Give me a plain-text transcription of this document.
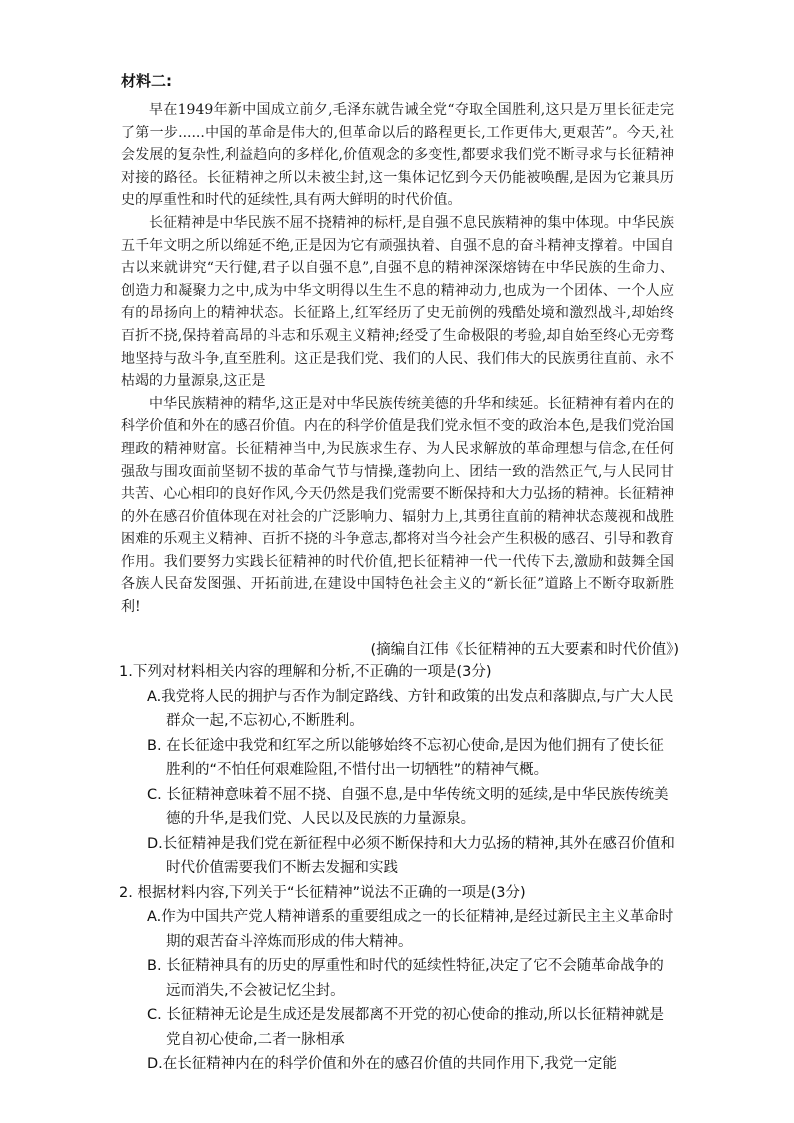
材料二:

早在1949年新中国成立前夕,毛泽东就告诫全党“夺取全国胜利,这只是万里长征走完了第一步......中国的革命是伟大的,但革命以后的路程更长,工作更伟大,更艰苦”。今天,社会发展的复杂性,利益趋向的多样化,价值观念的多变性,都要求我们党不断寻求与长征精神对接的路径。长征精神之所以未被尘封,这一集体记忆到今天仍能被唤醒,是因为它兼具历史的厚重性和时代的延续性,具有两大鲜明的时代价值。

长征精神是中华民族不屈不挠精神的标杆,是自强不息民族精神的集中体现。中华民族五千年文明之所以绵延不绝,正是因为它有顽强执着、自强不息的奋斗精神支撑着。中国自古以来就讲究“天行健,君子以自强不息”,自强不息的精神深深熔铸在中华民族的生命力、创造力和凝聚力之中,成为中华文明得以生生不息的精神动力,也成为一个团体、一个人应有的昂扬向上的精神状态。长征路上,红军经历了史无前例的残酷处境和激烈战斗,却始终百折不挠,保持着高昂的斗志和乐观主义精神;经受了生命极限的考验,却自始至终心无旁骛地坚持与敌斗争,直至胜利。这正是我们党、我们的人民、我们伟大的民族勇往直前、永不枯竭的力量源泉,这正是

中华民族精神的精华,这正是对中华民族传统美德的升华和续延。长征精神有着内在的科学价值和外在的感召价值。内在的科学价值是我们党永恒不变的政治本色,是我们党治国理政的精神财富。长征精神当中,为民族求生存、为人民求解放的革命理想与信念,在任何强敌与围攻面前坚韧不拔的革命气节与情操,蓬勃向上、团结一致的浩然正气,与人民同甘共苦、心心相印的良好作风,今天仍然是我们党需要不断保持和大力弘扬的精神。长征精神的外在感召价值体现在对社会的广泛影响力、辐射力上,其勇往直前的精神状态蔑视和战胜困难的乐观主义精神、百折不挠的斗争意志,都将对当今社会产生积极的感召、引导和教育作用。我们要努力实践长征精神的时代价值,把长征精神一代一代传下去,激励和鼓舞全国各族人民奋发图强、开拓前进,在建设中国特色社会主义的“新长征”道路上不断夺取新胜利!

(摘编自江伟《长征精神的五大要素和时代价值》)

1.下列对材料相关内容的理解和分析,不正确的一项是(3分)

A.我党将人民的拥护与否作为制定路线、方针和政策的出发点和落脚点,与广大人民群众一起,不忘初心,不断胜利。

B. 在长征途中我党和红军之所以能够始终不忘初心使命,是因为他们拥有了使长征胜利的“不怕任何艰难险阻,不惜付出一切牺牲”的精神气概。

C. 长征精神意味着不屈不挠、自强不息,是中华传统文明的延续,是中华民族传统美德的升华,是我们党、人民以及民族的力量源泉。

D.长征精神是我们党在新征程中必须不断保持和大力弘扬的精神,其外在感召价值和时代价值需要我们不断去发掘和实践

2. 根据材料内容,下列关于“长征精神”说法不正确的一项是(3分)

A.作为中国共产党人精神谱系的重要组成之一的长征精神,是经过新民主主义革命时期的艰苦奋斗淬炼而形成的伟大精神。

B. 长征精神具有的历史的厚重性和时代的延续性特征,决定了它不会随革命战争的远而消失,不会被记忆尘封。

C. 长征精神无论是生成还是发展都离不开党的初心使命的推动,所以长征精神就是党自初心使命,二者一脉相承

D.在长征精神内在的科学价值和外在的感召价值的共同作用下,我党一定能
